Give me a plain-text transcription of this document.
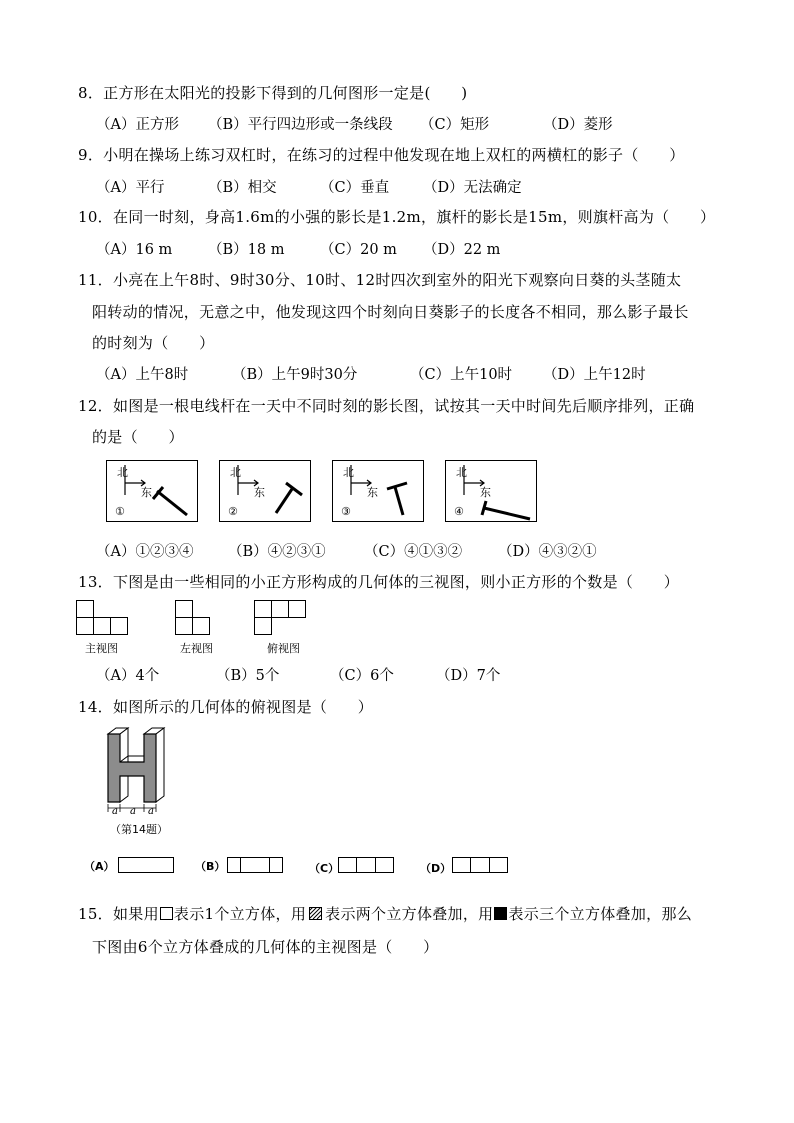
8．正方形在太阳光的投影下得到的几何图形一定是(　　)
（A）正方形 （B）平行四边形或一条线段 （C）矩形	（D）菱形
9．小明在操场上练习双杠时，在练习的过程中他发现在地上双杠的两横杠的影子（　　）
（A）平行	（B）相交	（C）垂直 （D）无法确定
10．在同一时刻，身高1.6m的小强的影长是1.2m，旗杆的影长是15m，则旗杆高为（　　）
（A）16 m （B）18 m （C）20 m （D）22 m
11．小亮在上午8时、9时30分、10时、12时四次到室外的阳光下观察向日葵的头茎随太
阳转动的情况，无意之中，他发现这四个时刻向日葵影子的长度各不相同，那么影子最长
的时刻为（　　）
（A）上午8时	（B）上午9时30分	（C）上午10时 （D）上午12时
12．如图是一根电线杆在一天中不同时刻的影长图，试按其一天中时间先后顺序排列，正确
的是（　　）
北
东
①
北
东
②
北
东
③
北
东
④
（A）①②③④ （B）④②③①	（C）④①③② （D）④③②①
13．下图是由一些相同的小正方形构成的几何体的三视图，则小正方形的个数是（　　）
主视图	左视图	俯视图
（A）4个	（B）5个	（C）6个	（D）7个
14．如图所示的几何体的俯视图是（　　）
a a a
（第14题）
（A）	（B）	（C）	（D）
15．如果用 表示1个立方体，用 表示两个立方体叠加，用 表示三个立方体叠加，那么
下图由6个立方体叠成的几何体的主视图是（　　）
